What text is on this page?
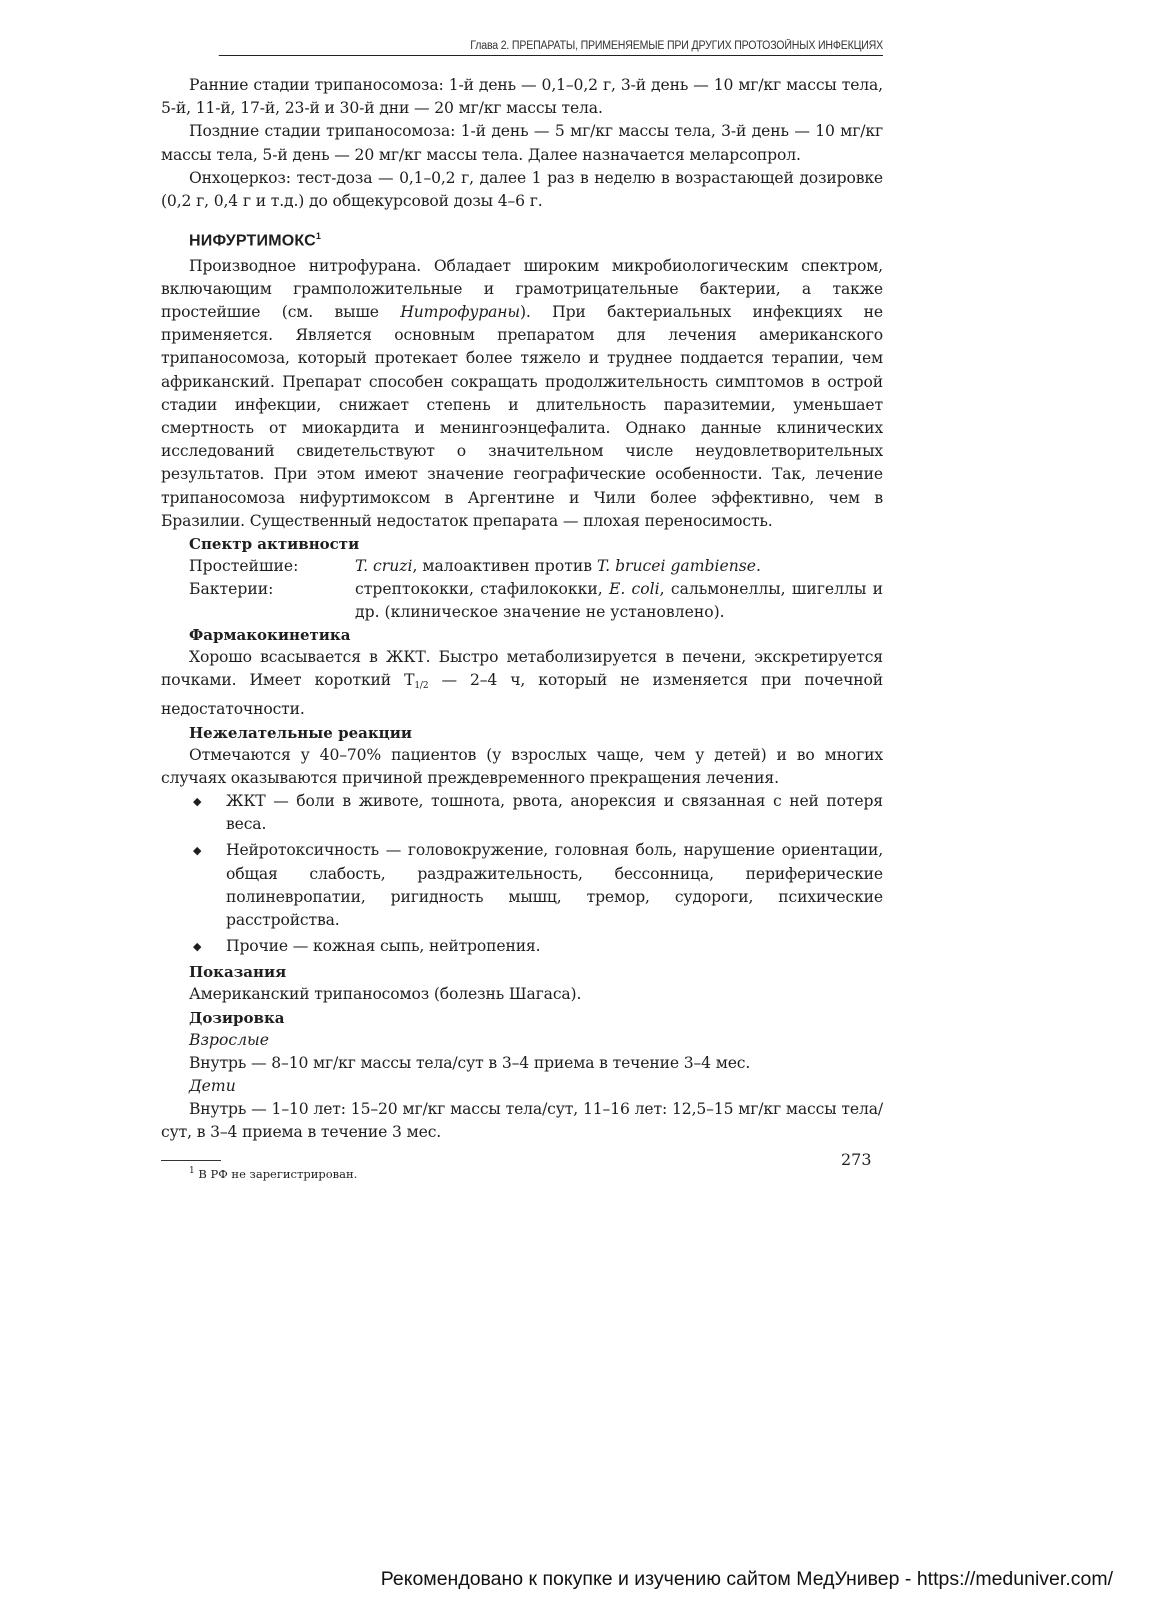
Глава 2. ПРЕПАРАТЫ, ПРИМЕНЯЕМЫЕ ПРИ ДРУГИХ ПРОТОЗОЙНЫХ ИНФЕКЦИЯХ

Ранние стадии трипаносомоза: 1-й день — 0,1–0,2 г, 3-й день — 10 мг/кг массы тела, 5-й, 11-й, 17-й, 23-й и 30-й дни — 20 мг/кг массы тела.

Поздние стадии трипаносомоза: 1-й день — 5 мг/кг массы тела, 3-й день — 10 мг/кг массы тела, 5-й день — 20 мг/кг массы тела. Далее назначается меларсопрол.

Онхоцеркоз: тест-доза — 0,1–0,2 г, далее 1 раз в неделю в возрастающей дозировке (0,2 г, 0,4 г и т.д.) до общекурсовой дозы 4–6 г.

НИФУРТИМОКС$^1$

Производное нитрофурана. Обладает широким микробиологическим спектром, включающим грамположительные и грамотрицательные бактерии, а также простейшие (см. выше Нитрофураны). При бактериальных инфекциях не применяется. Является основным препаратом для лечения американского трипаносомоза, который протекает более тяжело и труднее поддается терапии, чем африканский. Препарат способен сокращать продолжительность симптомов в острой стадии инфекции, снижает степень и длительность паразитемии, уменьшает смертность от миокардита и менингоэнцефалита. Однако данные клинических исследований свидетельствуют о значительном числе неудовлетворительных результатов. При этом имеют значение географические особенности. Так, лечение трипаносомоза нифуртимоксом в Аргентине и Чили более эффективно, чем в Бразилии. Существенный недостаток препарата — плохая переносимость.

Спектр активности
Простейшие:	T. cruzi, малоактивен против T. brucei gambiense.
Бактерии:	стрептококки, стафилококки, E. coli, сальмонеллы, шигеллы и др. (клиническое значение не установлено).
Фармакокинетика

Хорошо всасывается в ЖКТ. Быстро метаболизируется в печени, экскретируется почками. Имеет короткий T1/2 — 2–4 ч, который не изменяется при почечной недостаточности.

Нежелательные реакции

Отмечаются у 40–70% пациентов (у взрослых чаще, чем у детей) и во многих случаях оказываются причиной преждевременного прекращения лечения.

◆ ЖКТ — боли в животе, тошнота, рвота, анорексия и связанная с ней потеря веса.
◆ Нейротоксичность — головокружение, головная боль, нарушение ориентации, общая слабость, раздражительность, бессонница, периферические полиневропатии, ригидность мышц, тремор, судороги, психические расстройства.
◆ Прочие — кожная сыпь, нейтропения.
Показания

Американский трипаносомоз (болезнь Шагаса).

Дозировка
Взрослые

Внутрь — 8–10 мг/кг массы тела/сут в 3–4 приема в течение 3–4 мес.

Дети

Внутрь — 1–10 лет: 15–20 мг/кг массы тела/сут, 11–16 лет: 12,5–15 мг/кг массы тела/сут, в 3–4 приема в течение 3 мес.

$^1$ В РФ не зарегистрирован.
273
Рекомендовано к покупке и изучению сайтом МедУнивер - https://meduniver.com/
